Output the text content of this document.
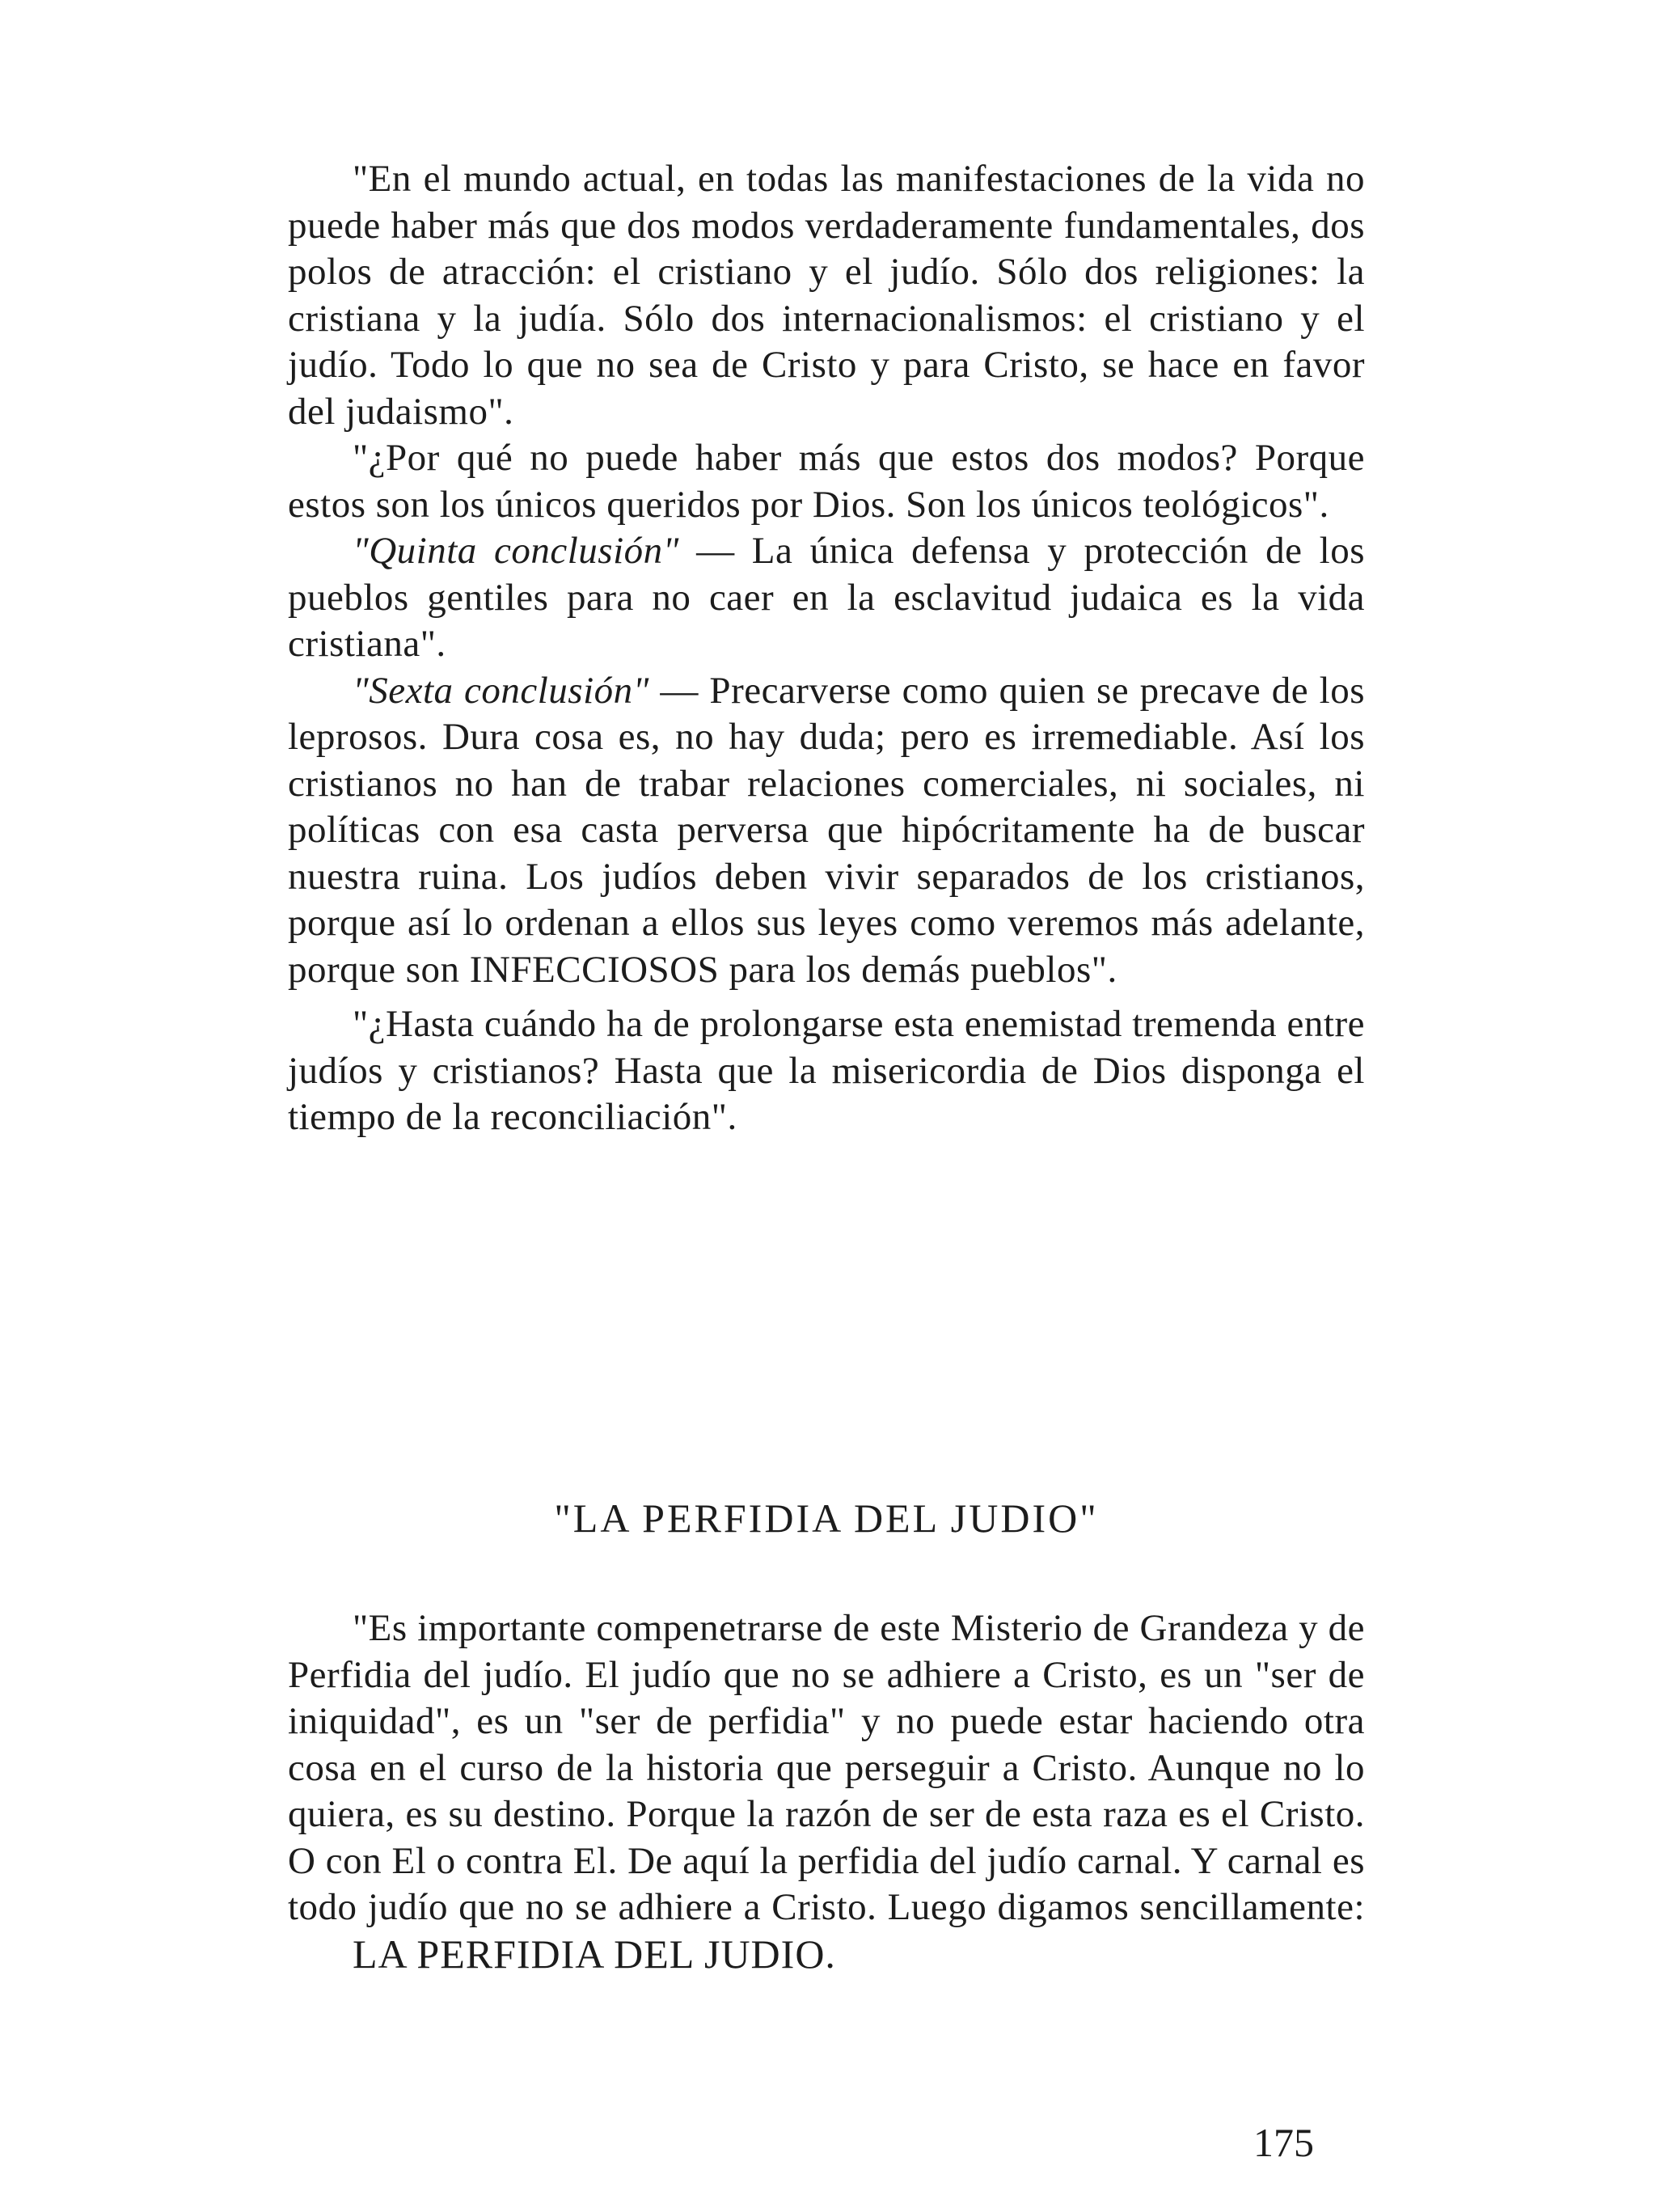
"En el mundo actual, en todas las manifestaciones de la vida no puede haber más que dos modos verdaderamente fundamentales, dos polos de atracción: el cristiano y el judío. Sólo dos religiones: la cristiana y la judía. Sólo dos internacionalismos: el cristiano y el judío. Todo lo que no sea de Cristo y para Cristo, se hace en favor del judaismo".

"¿Por qué no puede haber más que estos dos modos? Porque estos son los únicos queridos por Dios. Son los únicos teológicos".

"Quinta conclusión" — La única defensa y protección de los pueblos gentiles para no caer en la esclavitud judaica es la vida cristiana".

"Sexta conclusión" — Precarverse como quien se precave de los leprosos. Dura cosa es, no hay duda; pero es irremediable. Así los cristianos no han de trabar relaciones comerciales, ni sociales, ni políticas con esa casta perversa que hipócritamente ha de buscar nuestra ruina. Los judíos deben vivir separados de los cristianos, porque así lo ordenan a ellos sus leyes como veremos más adelante, porque son INFECCIOSOS para los demás pueblos".

"¿Hasta cuándo ha de prolongarse esta enemistad tremenda entre judíos y cristianos? Hasta que la misericordia de Dios disponga el tiempo de la reconciliación".

"LA PERFIDIA DEL JUDIO"

"Es importante compenetrarse de este Misterio de Grandeza y de Perfidia del judío. El judío que no se adhiere a Cristo, es un "ser de iniquidad", es un "ser de perfidia" y no puede estar haciendo otra cosa en el curso de la historia que perseguir a Cristo. Aunque no lo quiera, es su destino. Porque la razón de ser de esta raza es el Cristo. O con El o contra El. De aquí la perfidia del judío carnal. Y carnal es todo judío que no se adhiere a Cristo. Luego digamos sencillamente: LA PERFIDIA DEL JUDIO.

175
